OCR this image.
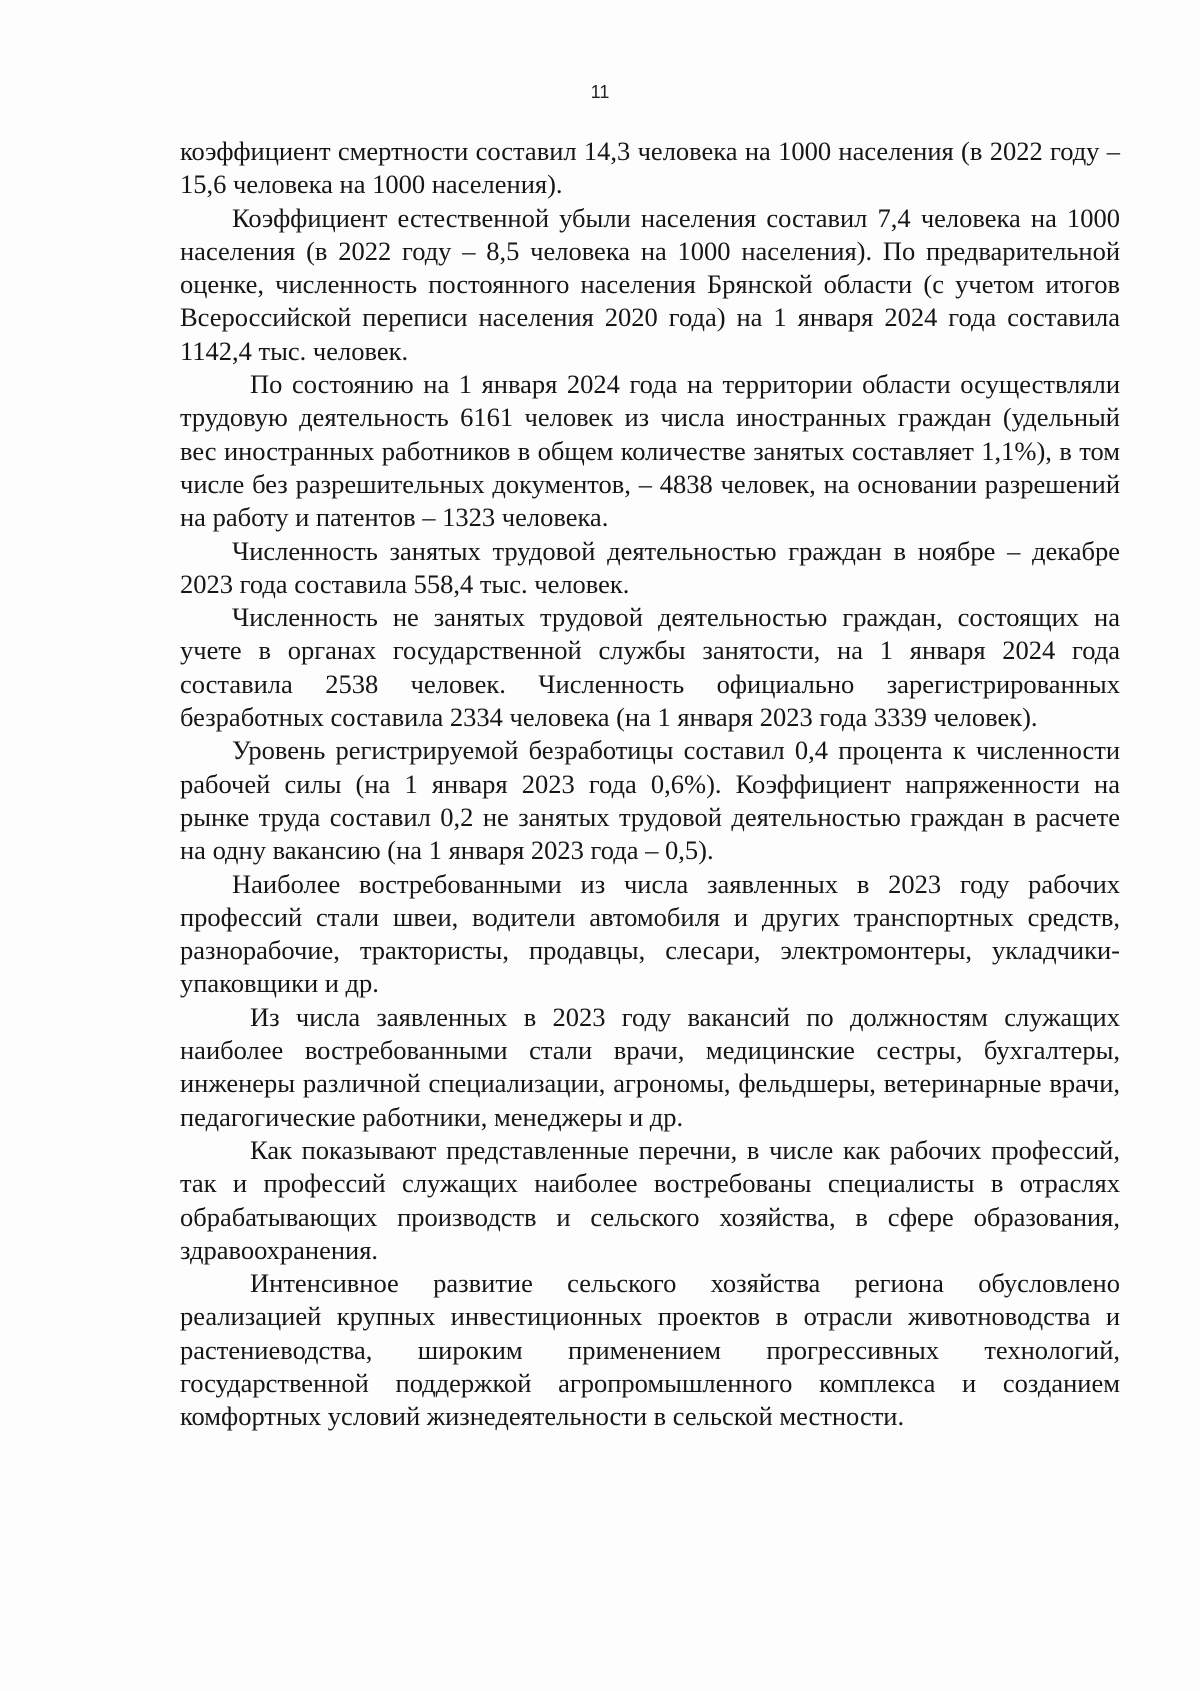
11

коэффициент смертности составил 14,3 человека на 1000 населения (в 2022 году – 15,6 человека на 1000 населения).

Коэффициент естественной убыли населения составил 7,4 человека на 1000 населения (в 2022 году – 8,5 человека на 1000 населения). По предварительной оценке, численность постоянного населения Брянской области (с учетом итогов Всероссийской переписи населения 2020 года) на 1 января 2024 года составила 1142,4 тыс. человек.

По состоянию на 1 января 2024 года на территории области осуществляли трудовую деятельность 6161 человек из числа иностранных граждан (удельный вес иностранных работников в общем количестве занятых составляет 1,1%), в том числе без разрешительных документов, – 4838 человек, на основании разрешений на работу и патентов – 1323 человека.

Численность занятых трудовой деятельностью граждан в ноябре – декабре 2023 года составила 558,4 тыс. человек.

Численность не занятых трудовой деятельностью граждан, состоящих на учете в органах государственной службы занятости, на 1 января 2024 года составила 2538 человек. Численность официально зарегистрированных безработных составила 2334 человека (на 1 января 2023 года 3339 человек).

Уровень регистрируемой безработицы составил 0,4 процента к численности рабочей силы (на 1 января 2023 года 0,6%). Коэффициент напряженности на рынке труда составил 0,2 не занятых трудовой деятельностью граждан в расчете на одну вакансию (на 1 января 2023 года – 0,5).

Наиболее востребованными из числа заявленных в 2023 году рабочих профессий стали швеи, водители автомобиля и других транспортных средств, разнорабочие, трактористы, продавцы, слесари, электромонтеры, укладчики-упаковщики и др.

Из числа заявленных в 2023 году вакансий по должностям служащих наиболее востребованными стали врачи, медицинские сестры, бухгалтеры, инженеры различной специализации, агрономы, фельдшеры, ветеринарные врачи, педагогические работники, менеджеры и др.

Как показывают представленные перечни, в числе как рабочих профессий, так и профессий служащих наиболее востребованы специалисты в отраслях обрабатывающих производств и сельского хозяйства, в сфере образования, здравоохранения.

Интенсивное развитие сельского хозяйства региона обусловлено реализацией крупных инвестиционных проектов в отрасли животноводства и растениеводства, широким применением прогрессивных технологий, государственной поддержкой агропромышленного комплекса и созданием комфортных условий жизнедеятельности в сельской местности.
